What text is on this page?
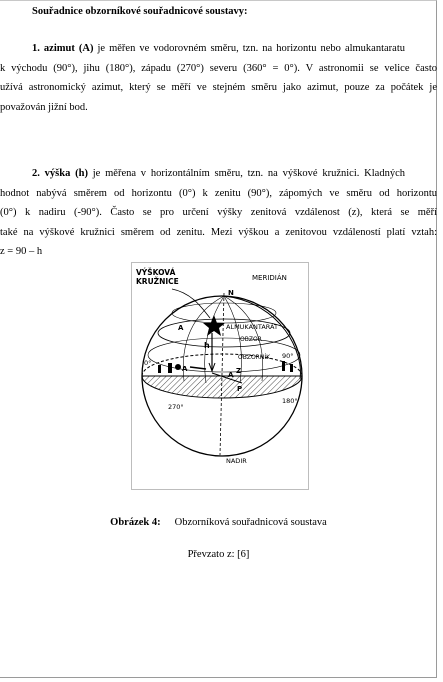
Souřadnice obzorníkové souřadnicové soustavy:
1. azimut (A) je měřen ve vodorovném směru, tzn. na horizontu nebo almukantaratu
k východu (90°), jihu (180°), západu (270°) severu (360° = 0°). V astronomii se velice často
užívá astronomický azimut, který se měří ve stejném směru jako azimut, pouze za počátek je
považován jižní bod.
2. výška (h) je měřena v horizontálním směru, tzn. na výškové kružnici. Kladných
hodnot nabývá směrem od horizontu (0°) k zenitu (90°), zápomých ve směru od horizontu
(0°) k nadiru (-90°). Často se pro určení výšky zenitová vzdálenost (z), která se měří
také na výškové kružnici směrem od zenitu. Mezi výškou a zenitovou vzdáleností platí vztah:
z = 90 – h
VÝŠKOVÁ
KRUŽNICE	MERIDIÁN
N
ALMUKANTARÁT
OBZOR
OBZORNÍK
h
A
A
A Z
P
0°
90°
180°
270°
NADIR
Obrázek 4: Obzorníková souřadnicová soustava
Převzato z: [6]
